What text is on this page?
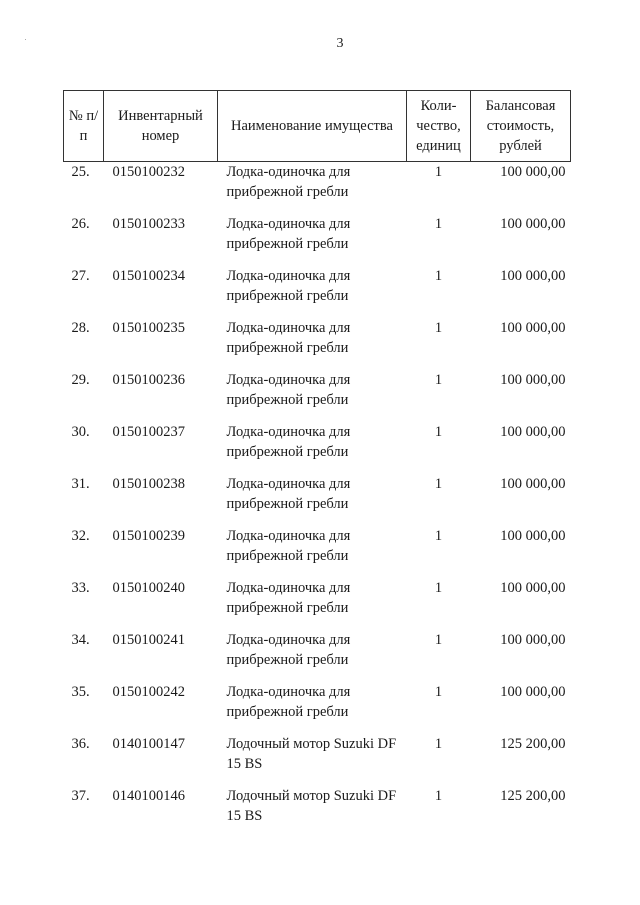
3
№ п/п	Инвентарный номер	Наименование имущества	Коли-чество, единиц	Балансовая стоимость, рублей
25.	0150100232	Лодка-одиночка для прибрежной гребли	1	100 000,00
26.	0150100233	Лодка-одиночка для прибрежной гребли	1	100 000,00
27.	0150100234	Лодка-одиночка для прибрежной гребли	1	100 000,00
28.	0150100235	Лодка-одиночка для прибрежной гребли	1	100 000,00
29.	0150100236	Лодка-одиночка для прибрежной гребли	1	100 000,00
30.	0150100237	Лодка-одиночка для прибрежной гребли	1	100 000,00
31.	0150100238	Лодка-одиночка для прибрежной гребли	1	100 000,00
32.	0150100239	Лодка-одиночка для прибрежной гребли	1	100 000,00
33.	0150100240	Лодка-одиночка для прибрежной гребли	1	100 000,00
34.	0150100241	Лодка-одиночка для прибрежной гребли	1	100 000,00
35.	0150100242	Лодка-одиночка для прибрежной гребли	1	100 000,00
36.	0140100147	Лодочный мотор Suzuki DF 15 BS	1	125 200,00
37.	0140100146	Лодочный мотор Suzuki DF 15 BS	1	125 200,00
